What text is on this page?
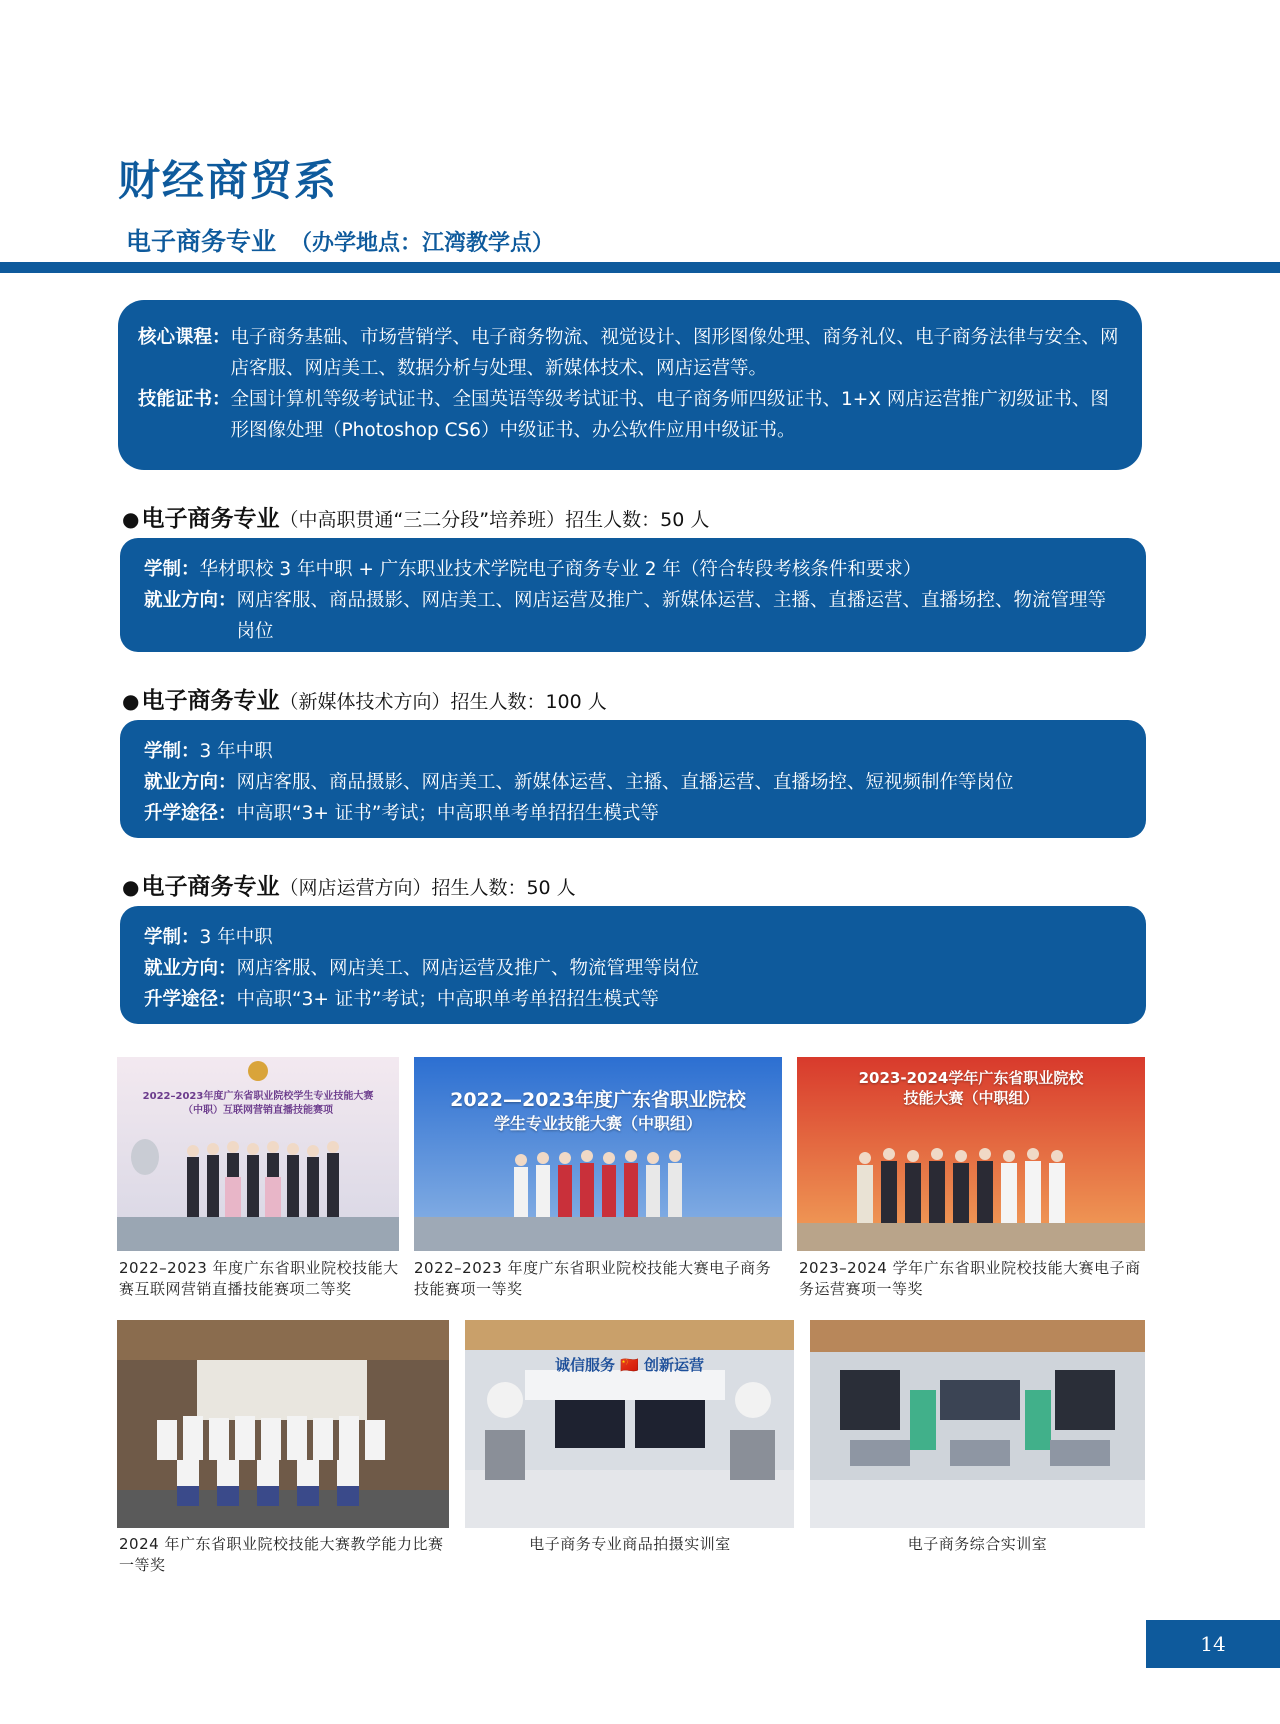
财经商贸系
电子商务专业 （办学地点：江湾教学点）
核心课程： 电子商务基础、市场营销学、电子商务物流、视觉设计、图形图像处理、商务礼仪、电子商务法律与安全、网店客服、网店美工、数据分析与处理、新媒体技术、网店运营等。
技能证书： 全国计算机等级考试证书、全国英语等级考试证书、电子商务师四级证书、1+X 网店运营推广初级证书、图形图像处理（Photoshop CS6）中级证书、办公软件应用中级证书。
●电子商务专业（中高职贯通“三二分段”培养班）招生人数：50 人
学制： 华材职校 3 年中职 + 广东职业技术学院电子商务专业 2 年（符合转段考核条件和要求）
就业方向： 网店客服、商品摄影、网店美工、网店运营及推广、新媒体运营、主播、直播运营、直播场控、物流管理等岗位
●电子商务专业（新媒体技术方向）招生人数：100 人
学制： 3 年中职
就业方向： 网店客服、商品摄影、网店美工、新媒体运营、主播、直播运营、直播场控、短视频制作等岗位
升学途径： 中高职“3+ 证书”考试；中高职单考单招招生模式等
●电子商务专业（网店运营方向）招生人数：50 人
学制： 3 年中职
就业方向： 网店客服、网店美工、网店运营及推广、物流管理等岗位
升学途径： 中高职“3+ 证书”考试；中高职单考单招招生模式等
2022–2023年度广东省职业院校学生专业技能大赛
（中职）互联网营销直播技能赛项
2022–2023 年度广东省职业院校技能大赛互联网营销直播技能赛项二等奖
2022—2023年度广东省职业院校
学生专业技能大赛（中职组）
2022–2023 年度广东省职业院校技能大赛电子商务技能赛项一等奖
2023-2024学年广东省职业院校
技能大赛（中职组）
2023–2024 学年广东省职业院校技能大赛电子商务运营赛项一等奖
2024 年广东省职业院校技能大赛教学能力比赛一等奖
诚信服务 🇨🇳 创新运营
电子商务专业商品拍摄实训室	电子商务综合实训室
14
